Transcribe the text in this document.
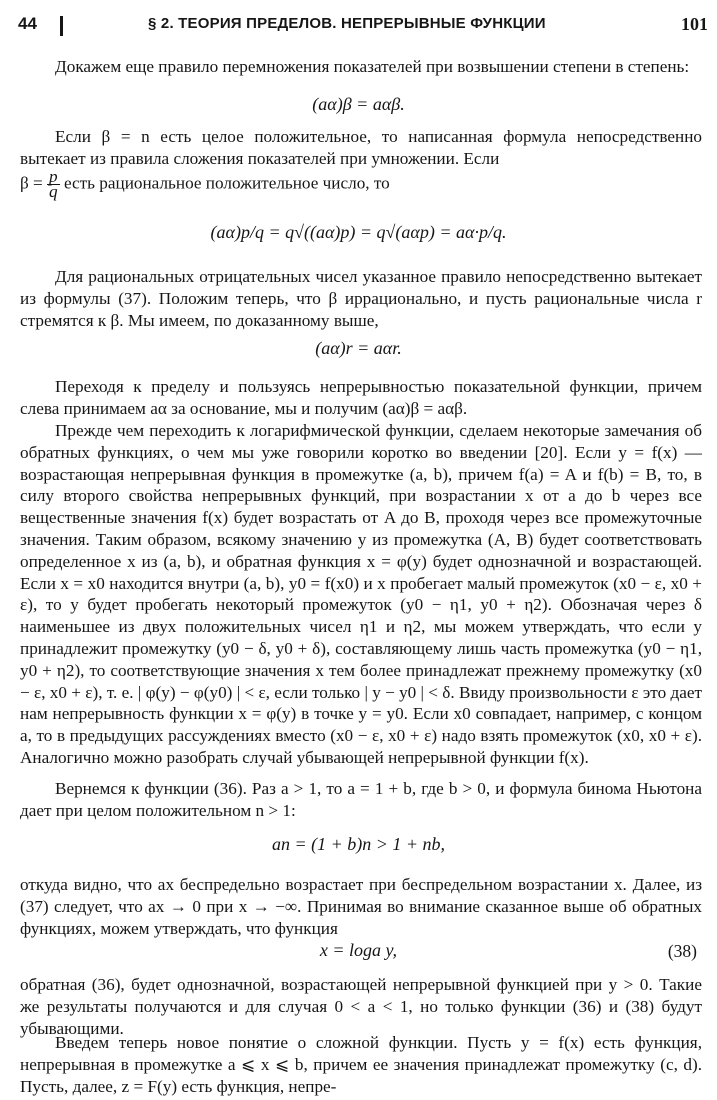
44	§ 2. ТЕОРИЯ ПРЕДЕЛОВ. НЕПРЕРЫВНЫЕ ФУНКЦИИ	101
Докажем еще правило перемножения показателей при возвышении степени в степень:
(aα)β = aαβ.
Если β = n есть целое положительное, то написанная формула непосредственно вытекает из правила сложения показателей при умножении. Если
$\beta = \frac{p}{q}$ есть рациональное положительное число, то
(aα)p/q = q√((aα)p) = q√(aαp) = aα·p/q.
Для рациональных отрицательных чисел указанное правило непосредственно вытекает из формулы (37). Положим теперь, что β иррационально, и пусть рациональные числа r стремятся к β. Мы имеем, по доказанному выше,
(aα)r = aαr.
Переходя к пределу и пользуясь непрерывностью показательной функции, причем слева принимаем aα за основание, мы и получим (aα)β = aαβ.
Прежде чем переходить к логарифмической функции, сделаем некоторые замечания об обратных функциях, о чем мы уже говорили коротко во введении [20]. Если y = f(x) — возрастающая непрерывная функция в промежутке (a, b), причем f(a) = A и f(b) = B, то, в силу второго свойства непрерывных функций, при возрастании x от a до b через все вещественные значения f(x) будет возрастать от A до B, проходя через все промежуточные значения. Таким образом, всякому значению y из промежутка (A, B) будет соответствовать определенное x из (a, b), и обратная функция x = φ(y) будет однозначной и возрастающей. Если x = x0 находится внутри (a, b), y0 = f(x0) и x пробегает малый промежуток (x0 − ε, x0 + ε), то y будет пробегать некоторый промежуток (y0 − η1, y0 + η2). Обозначая через δ наименьшее из двух положительных чисел η1 и η2, мы можем утверждать, что если y принадлежит промежутку (y0 − δ, y0 + δ), составляющему лишь часть промежутка (y0 − η1, y0 + η2), то соответствующие значения x тем более принадлежат прежнему промежутку (x0 − ε, x0 + ε), т. е. | φ(y) − φ(y0) | < ε, если только | y − y0 | < δ. Ввиду произвольности ε это дает нам непрерывность функции x = φ(y) в точке y = y0. Если x0 совпадает, например, с концом a, то в предыдущих рассуждениях вместо (x0 − ε, x0 + ε) надо взять промежуток (x0, x0 + ε). Аналогично можно разобрать случай убывающей непрерывной функции f(x).
Вернемся к функции (36). Раз a > 1, то a = 1 + b, где b > 0, и формула бинома Ньютона дает при целом положительном n > 1:
an = (1 + b)n > 1 + nb,
откуда видно, что ax беспредельно возрастает при беспредельном возрастании x. Далее, из (37) следует, что ax → 0 при x → −∞. Принимая во внимание сказанное выше об обратных функциях, можем утверждать, что функция
x = loga y,	(38)
обратная (36), будет однозначной, возрастающей непрерывной функцией при y > 0. Такие же результаты получаются и для случая 0 < a < 1, но только функции (36) и (38) будут убывающими.
Введем теперь новое понятие о сложной функции. Пусть y = f(x) есть функция, непрерывная в промежутке a ⩽ x ⩽ b, причем ее значения принадлежат промежутку (c, d). Пусть, далее, z = F(y) есть функция, непре-
